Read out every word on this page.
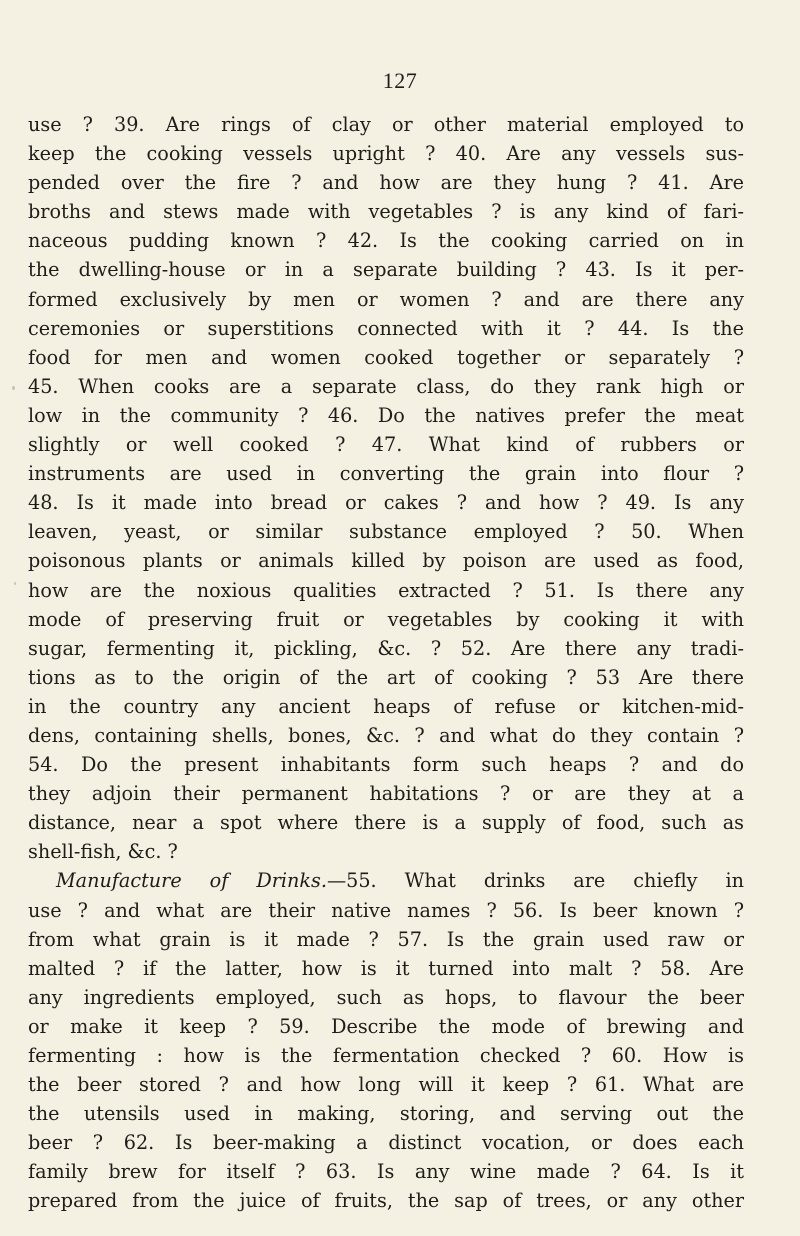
127
use ? 39. Are rings of clay or other material employed to
keep the cooking vessels upright ? 40. Are any vessels sus-
pended over the fire ? and how are they hung ? 41. Are
broths and stews made with vegetables ? is any kind of fari-
naceous pudding known ? 42. Is the cooking carried on in
the dwelling-house or in a separate building ? 43. Is it per-
formed exclusively by men or women ? and are there any
ceremonies or superstitions connected with it ? 44. Is the
food for men and women cooked together or separately ?
45. When cooks are a separate class, do they rank high or
low in the community ? 46. Do the natives prefer the meat
slightly or well cooked ? 47. What kind of rubbers or
instruments are used in converting the grain into flour ?
48. Is it made into bread or cakes ? and how ? 49. Is any
leaven, yeast, or similar substance employed ? 50. When
poisonous plants or animals killed by poison are used as food,
how are the noxious qualities extracted ? 51. Is there any
mode of preserving fruit or vegetables by cooking it with
sugar, fermenting it, pickling, &c. ? 52. Are there any tradi-
tions as to the origin of the art of cooking ? 53 Are there
in the country any ancient heaps of refuse or kitchen-mid-
dens, containing shells, bones, &c. ? and what do they contain ?
54. Do the present inhabitants form such heaps ? and do
they adjoin their permanent habitations ? or are they at a
distance, near a spot where there is a supply of food, such as
shell-fish, &c. ?
Manufacture of Drinks.—55. What drinks are chiefly in
use ? and what are their native names ? 56. Is beer known ?
from what grain is it made ? 57. Is the grain used raw or
malted ? if the latter, how is it turned into malt ? 58. Are
any ingredients employed, such as hops, to flavour the beer
or make it keep ? 59. Describe the mode of brewing and
fermenting : how is the fermentation checked ? 60. How is
the beer stored ? and how long will it keep ? 61. What are
the utensils used in making, storing, and serving out the
beer ? 62. Is beer-making a distinct vocation, or does each
family brew for itself ? 63. Is any wine made ? 64. Is it
prepared from the juice of fruits, the sap of trees, or any other
